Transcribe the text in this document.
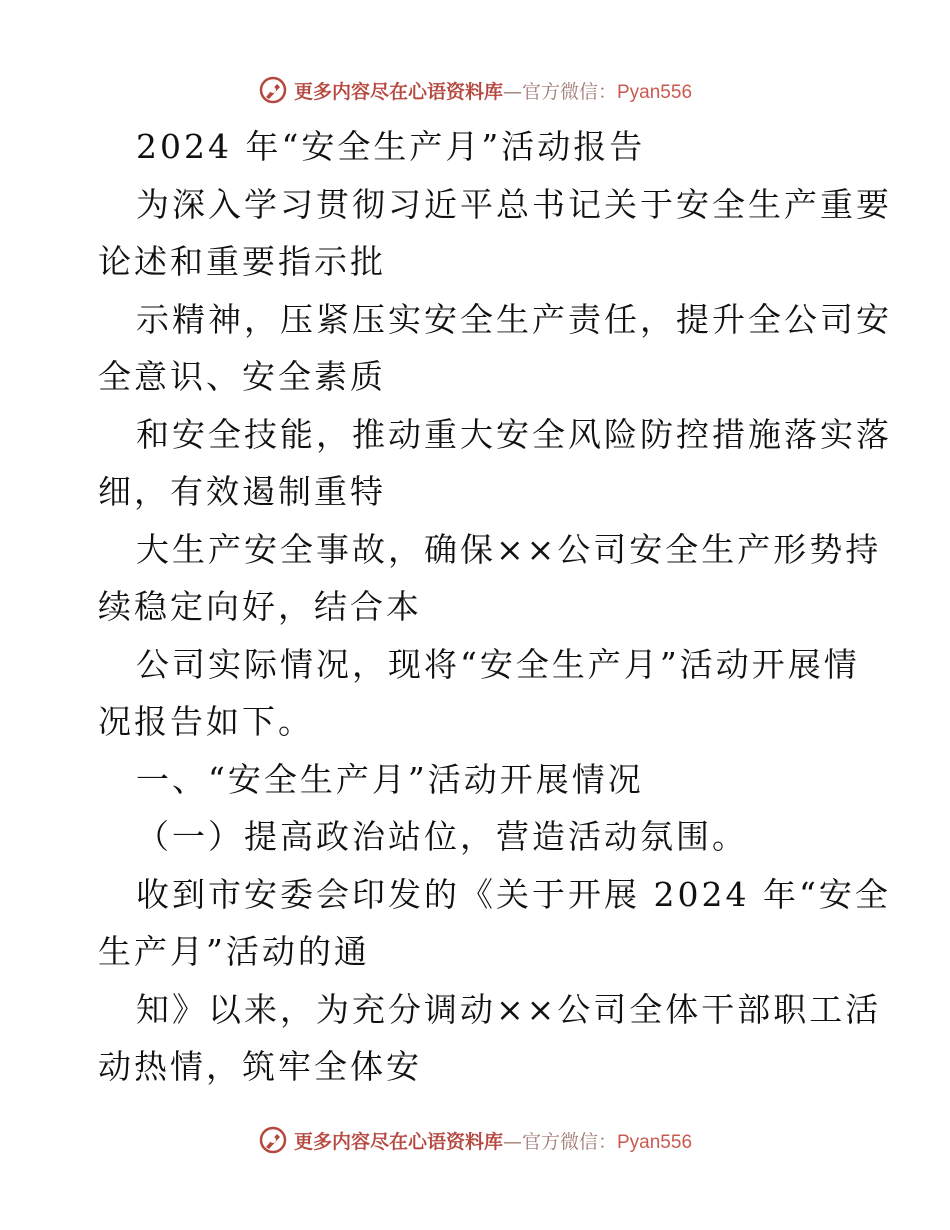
更多内容尽在心语资料库—官方微信：Pyan556
2024 年“安全生产月”活动报告
为深入学习贯彻习近平总书记关于安全生产重要
论述和重要指示批
示精神，压紧压实安全生产责任，提升全公司安
全意识、安全素质
和安全技能，推动重大安全风险防控措施落实落
细，有效遏制重特
大生产安全事故，确保××公司安全生产形势持
续稳定向好，结合本
公司实际情况，现将“安全生产月”活动开展情
况报告如下。
一、“安全生产月”活动开展情况
（一）提高政治站位，营造活动氛围。
收到市安委会印发的《关于开展 2024 年“安全
生产月”活动的通
知》以来，为充分调动××公司全体干部职工活
动热情，筑牢全体安
更多内容尽在心语资料库—官方微信：Pyan556
